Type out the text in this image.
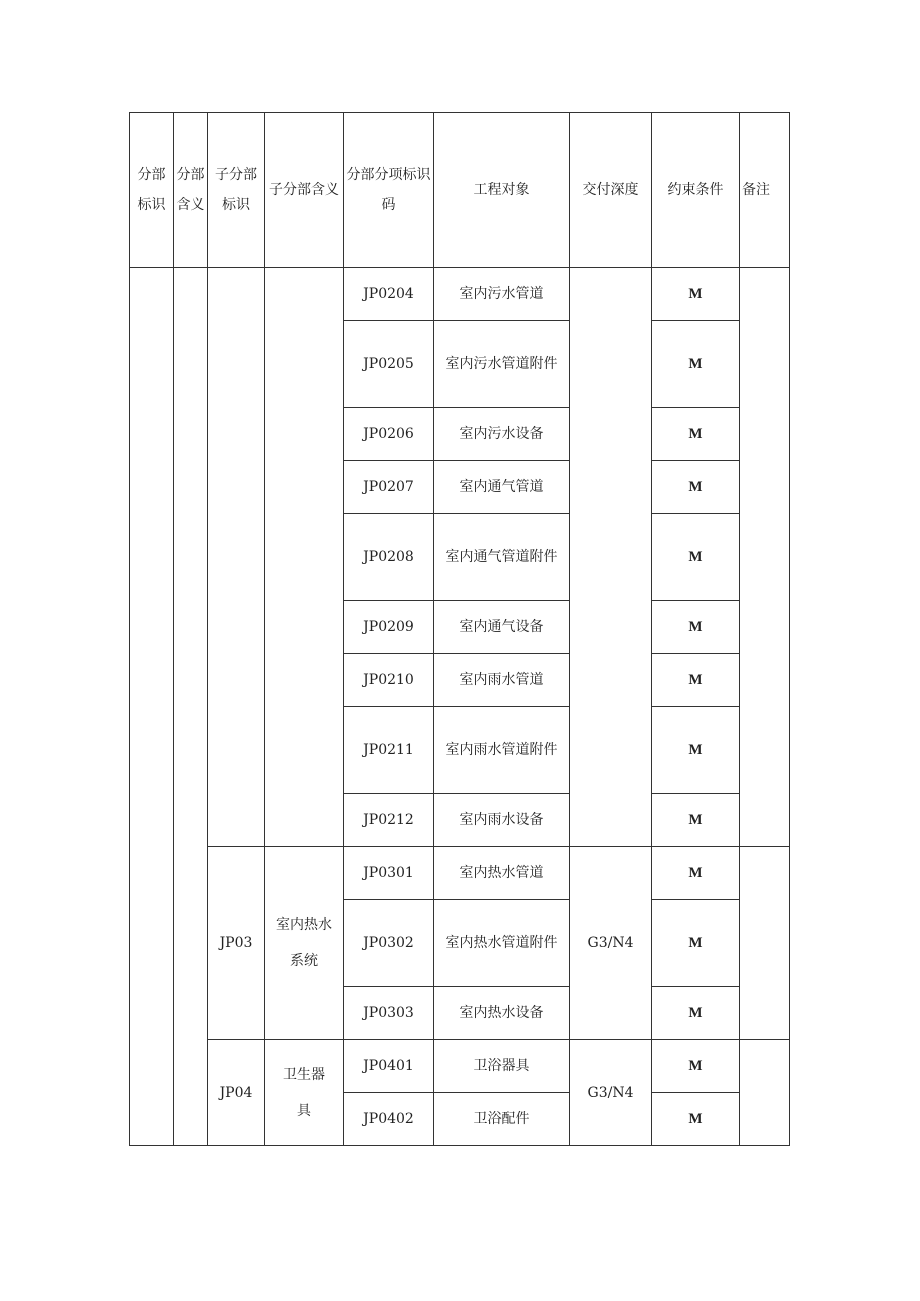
分部标识	分部含义	子分部标识	子分部含义	分部分项标识码	工程对象	交付深度	约束条件	备注
				JP0204	室内污水管道		M	
				JP0205	室内污水管道附件		M	
				JP0206	室内污水设备		M	
				JP0207	室内通气管道		M	
				JP0208	室内通气管道附件		M	
				JP0209	室内通气设备		M	
				JP0210	室内雨水管道		M	
				JP0211	室内雨水管道附件		M	
				JP0212	室内雨水设备		M	
		JP03	室内热水系统	JP0301	室内热水管道	G3/N4	M	
				JP0302	室内热水管道附件		M	
				JP0303	室内热水设备		M	
		JP04	卫生器具	JP0401	卫浴器具	G3/N4	M	
				JP0402	卫浴配件		M	
